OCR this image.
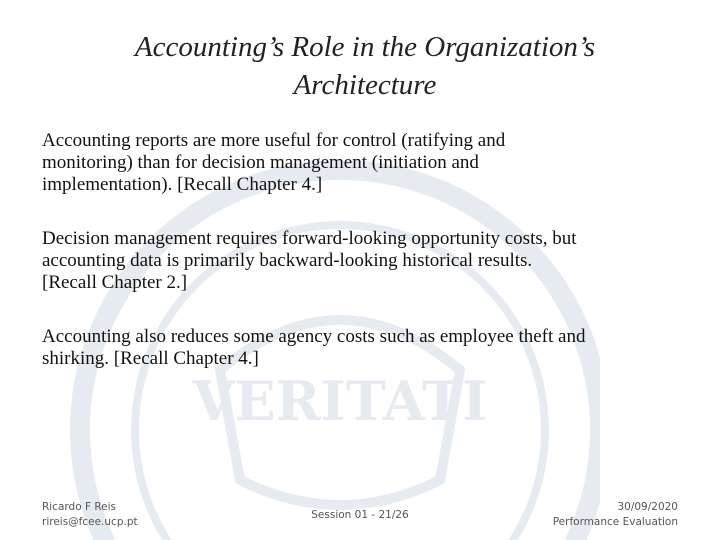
VERITATI
Accounting’s Role in the Organization’s
Architecture
Accounting reports are more useful for control (ratifying and
monitoring) than for decision management (initiation and
implementation). [Recall Chapter 4.]
Decision management requires forward-looking opportunity costs, but
accounting data is primarily backward-looking historical results.
[Recall Chapter 2.]
Accounting also reduces some agency costs such as employee theft and
shirking. [Recall Chapter 4.]
Ricardo F Reis
rireis@fcee.ucp.pt
Session 01 - 21/26
30/09/2020
Performance Evaluation
